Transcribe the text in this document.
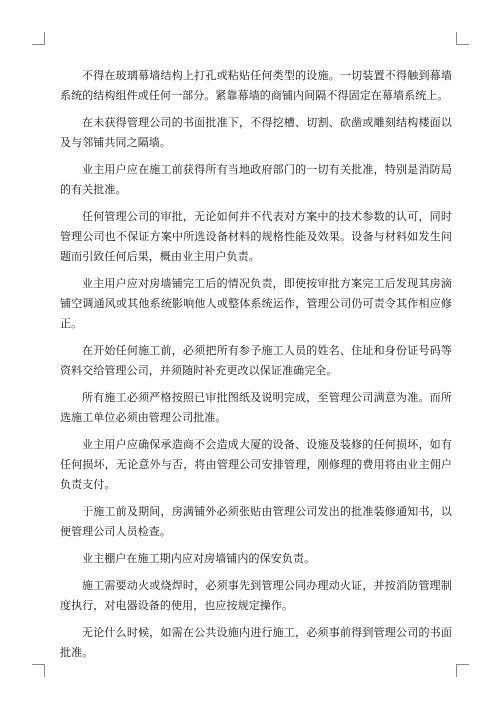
不得在玻璃幕墙结构上打孔或粘贴任何类型的设施。一切装置不得触到幕墙系统的结构组件或任何一部分。紧靠幕墙的商铺内间隔不得固定在幕墙系统上。

在未获得管理公司的书面批准下，不得挖槽、切割、砍凿或雕刻结构楼面以及与邻铺共同之隔墙。

业主用户应在施工前获得所有当地政府部门的一切有关批准，特别是消防局的有关批准。

任何管理公司的审批，无论如何并不代表对方案中的技术参数的认可，同时管理公司也不保证方案中所选设备材料的规格性能及效果。设备与材料如发生问题而引致任何后果，概由业主用户负责。

业主用户应对房墙铺完工后的情况负责，即使按审批方案完工后发现其房滴铺空调通风或其他系统影响他人或整体系统运作，管理公司仍可责令其作相应修正。

在开始任何施工前，必须把所有参予施工人员的姓名、住址和身份证号码等资料交给管理公司，并须随时补充更改以保证准确完全。

所有施工必须严格按照已审批图纸及说明完成，至管理公司满意为准。而所选施工单位必须由管理公司批准。

业主用户应确保承造商不会造成大厦的设备、设施及装修的任何损坏，如有任何损坏，无论意外与否，将由管理公司安排管理，刚修理的费用将由业主佣户负责支付。

于施工前及期间，房满铺外必须张贴由管理公司发出的批准装修通知书，以便管理公司人员检查。

业主棚户在施工期内应对房墙铺内的保安负责。

施工需要动火或烧焊时，必须事先到管理公同办理动火证，并按消防管理制度执行，对电器设备的使用，也应按规定操作。

无论什么时候，如需在公共设施内进行施工，必须事前得到管理公司的书面批准。
